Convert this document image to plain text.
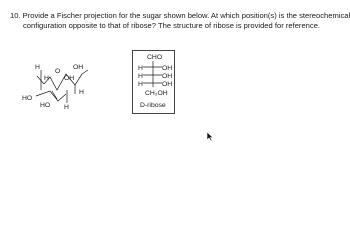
10. Provide a Fischer projection for the sugar shown below. At which position(s) is the stereochemical
configuration opposite to that of ribose? The structure of ribose is provided for reference.

H
O
H OH
OH
H
HO
HO H
CHO
H	OH
H	OH
H	OH
CH₂OH
D-ribose
